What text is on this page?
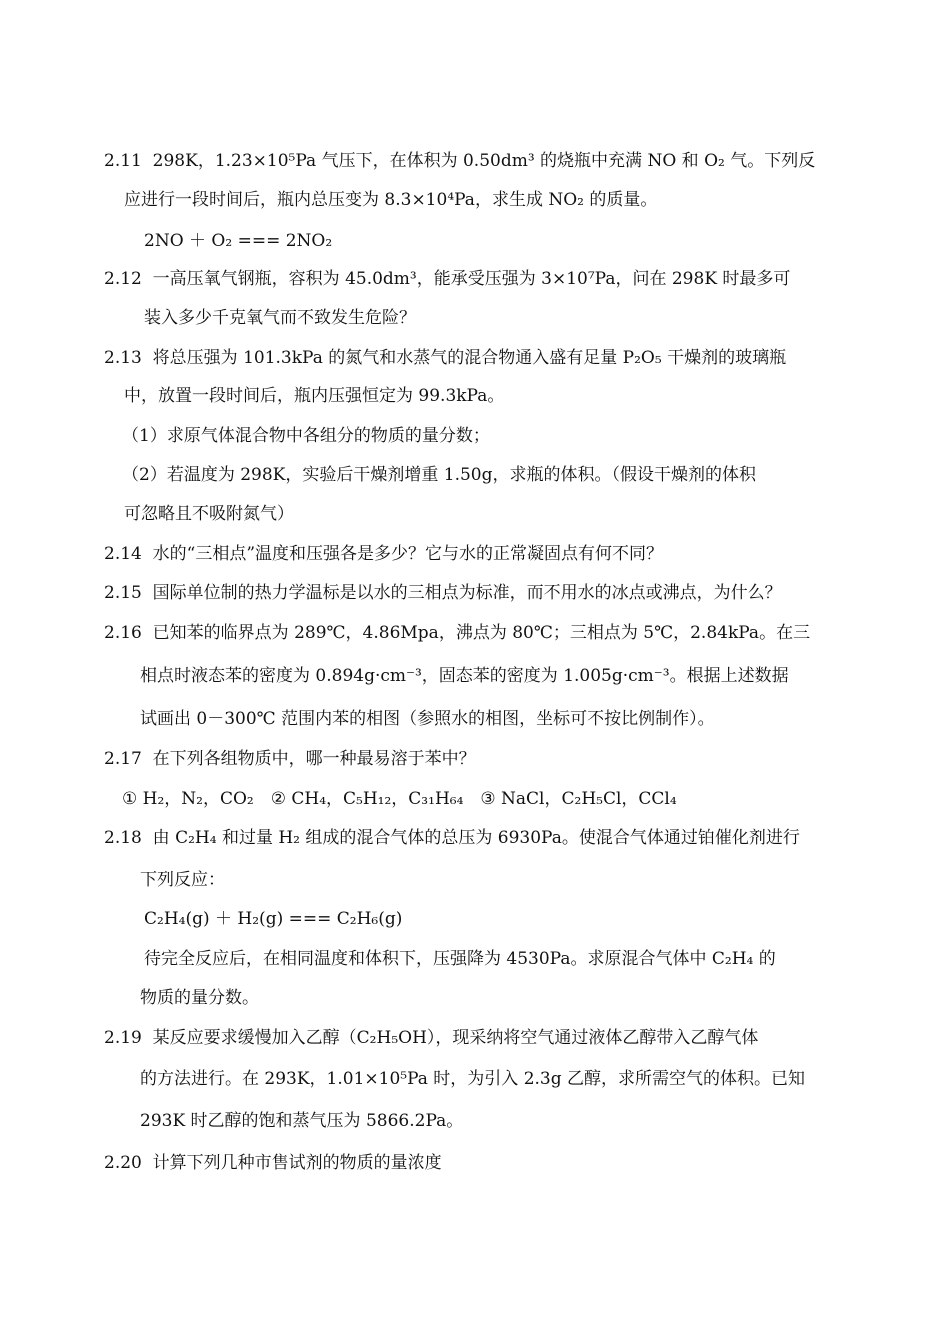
2.11 298K，1.23×10⁵Pa 气压下，在体积为 0.50dm³ 的烧瓶中充满 NO 和 O₂ 气。下列反
应进行一段时间后，瓶内总压变为 8.3×10⁴Pa，求生成 NO₂ 的质量。
2NO ＋ O₂ === 2NO₂
2.12 一高压氧气钢瓶，容积为 45.0dm³，能承受压强为 3×10⁷Pa，问在 298K 时最多可
装入多少千克氧气而不致发生危险？
2.13 将总压强为 101.3kPa 的氮气和水蒸气的混合物通入盛有足量 P₂O₅ 干燥剂的玻璃瓶
中，放置一段时间后，瓶内压强恒定为 99.3kPa。
（1）求原气体混合物中各组分的物质的量分数；
（2）若温度为 298K，实验后干燥剂增重 1.50g，求瓶的体积。（假设干燥剂的体积
可忽略且不吸附氮气）
2.14 水的“三相点”温度和压强各是多少？它与水的正常凝固点有何不同？
2.15 国际单位制的热力学温标是以水的三相点为标准，而不用水的冰点或沸点，为什么？
2.16 已知苯的临界点为 289℃，4.86Mpa，沸点为 80℃；三相点为 5℃，2.84kPa。在三
相点时液态苯的密度为 0.894g·cm⁻³，固态苯的密度为 1.005g·cm⁻³。根据上述数据
试画出 0－300℃ 范围内苯的相图（参照水的相图，坐标可不按比例制作）。
2.17 在下列各组物质中，哪一种最易溶于苯中？
① H₂，N₂，CO₂　② CH₄，C₅H₁₂，C₃₁H₆₄　③ NaCl，C₂H₅Cl，CCl₄
2.18 由 C₂H₄ 和过量 H₂ 组成的混合气体的总压为 6930Pa。使混合气体通过铂催化剂进行
下列反应：
C₂H₄(g) ＋ H₂(g) === C₂H₆(g)
待完全反应后，在相同温度和体积下，压强降为 4530Pa。求原混合气体中 C₂H₄ 的
物质的量分数。
2.19 某反应要求缓慢加入乙醇（C₂H₅OH），现采纳将空气通过液体乙醇带入乙醇气体
的方法进行。在 293K，1.01×10⁵Pa 时，为引入 2.3g 乙醇，求所需空气的体积。已知
293K 时乙醇的饱和蒸气压为 5866.2Pa。
2.20 计算下列几种市售试剂的物质的量浓度
